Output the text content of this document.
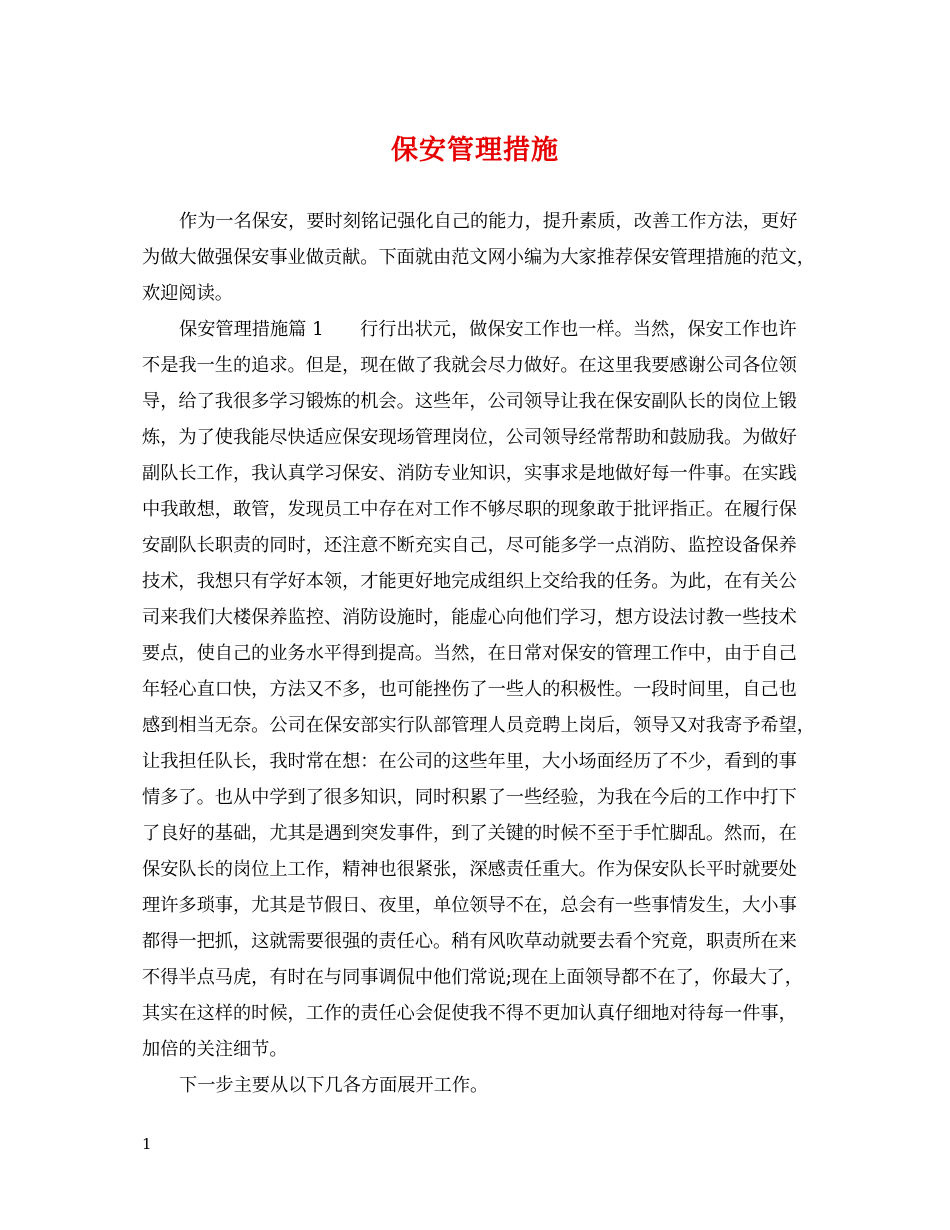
保安管理措施

作为一名保安，要时刻铭记强化自己的能力，提升素质，改善工作方法，更好

为做大做强保安事业做贡献。下面就由范文网小编为大家推荐保安管理措施的范文，

欢迎阅读。

保安管理措施篇 1　　行行出状元，做保安工作也一样。当然，保安工作也许

不是我一生的追求。但是，现在做了我就会尽力做好。在这里我要感谢公司各位领

导，给了我很多学习锻炼的机会。这些年，公司领导让我在保安副队长的岗位上锻

炼，为了使我能尽快适应保安现场管理岗位，公司领导经常帮助和鼓励我。为做好

副队长工作，我认真学习保安、消防专业知识，实事求是地做好每一件事。在实践

中我敢想，敢管，发现员工中存在对工作不够尽职的现象敢于批评指正。在履行保

安副队长职责的同时，还注意不断充实自己，尽可能多学一点消防、监控设备保养

技术，我想只有学好本领，才能更好地完成组织上交给我的任务。为此，在有关公

司来我们大楼保养监控、消防设施时，能虚心向他们学习，想方设法讨教一些技术

要点，使自己的业务水平得到提高。当然，在日常对保安的管理工作中，由于自己

年轻心直口快，方法又不多，也可能挫伤了一些人的积极性。一段时间里，自己也

感到相当无奈。公司在保安部实行队部管理人员竞聘上岗后，领导又对我寄予希望，

让我担任队长，我时常在想：在公司的这些年里，大小场面经历了不少，看到的事

情多了。也从中学到了很多知识，同时积累了一些经验，为我在今后的工作中打下

了良好的基础，尤其是遇到突发事件，到了关键的时候不至于手忙脚乱。然而，在

保安队长的岗位上工作，精神也很紧张，深感责任重大。作为保安队长平时就要处

理许多琐事，尤其是节假日、夜里，单位领导不在，总会有一些事情发生，大小事

都得一把抓，这就需要很强的责任心。稍有风吹草动就要去看个究竟，职责所在来

不得半点马虎，有时在与同事调侃中他们常说;现在上面领导都不在了，你最大了，

其实在这样的时候，工作的责任心会促使我不得不更加认真仔细地对待每一件事，

加倍的关注细节。

下一步主要从以下几各方面展开工作。

1
